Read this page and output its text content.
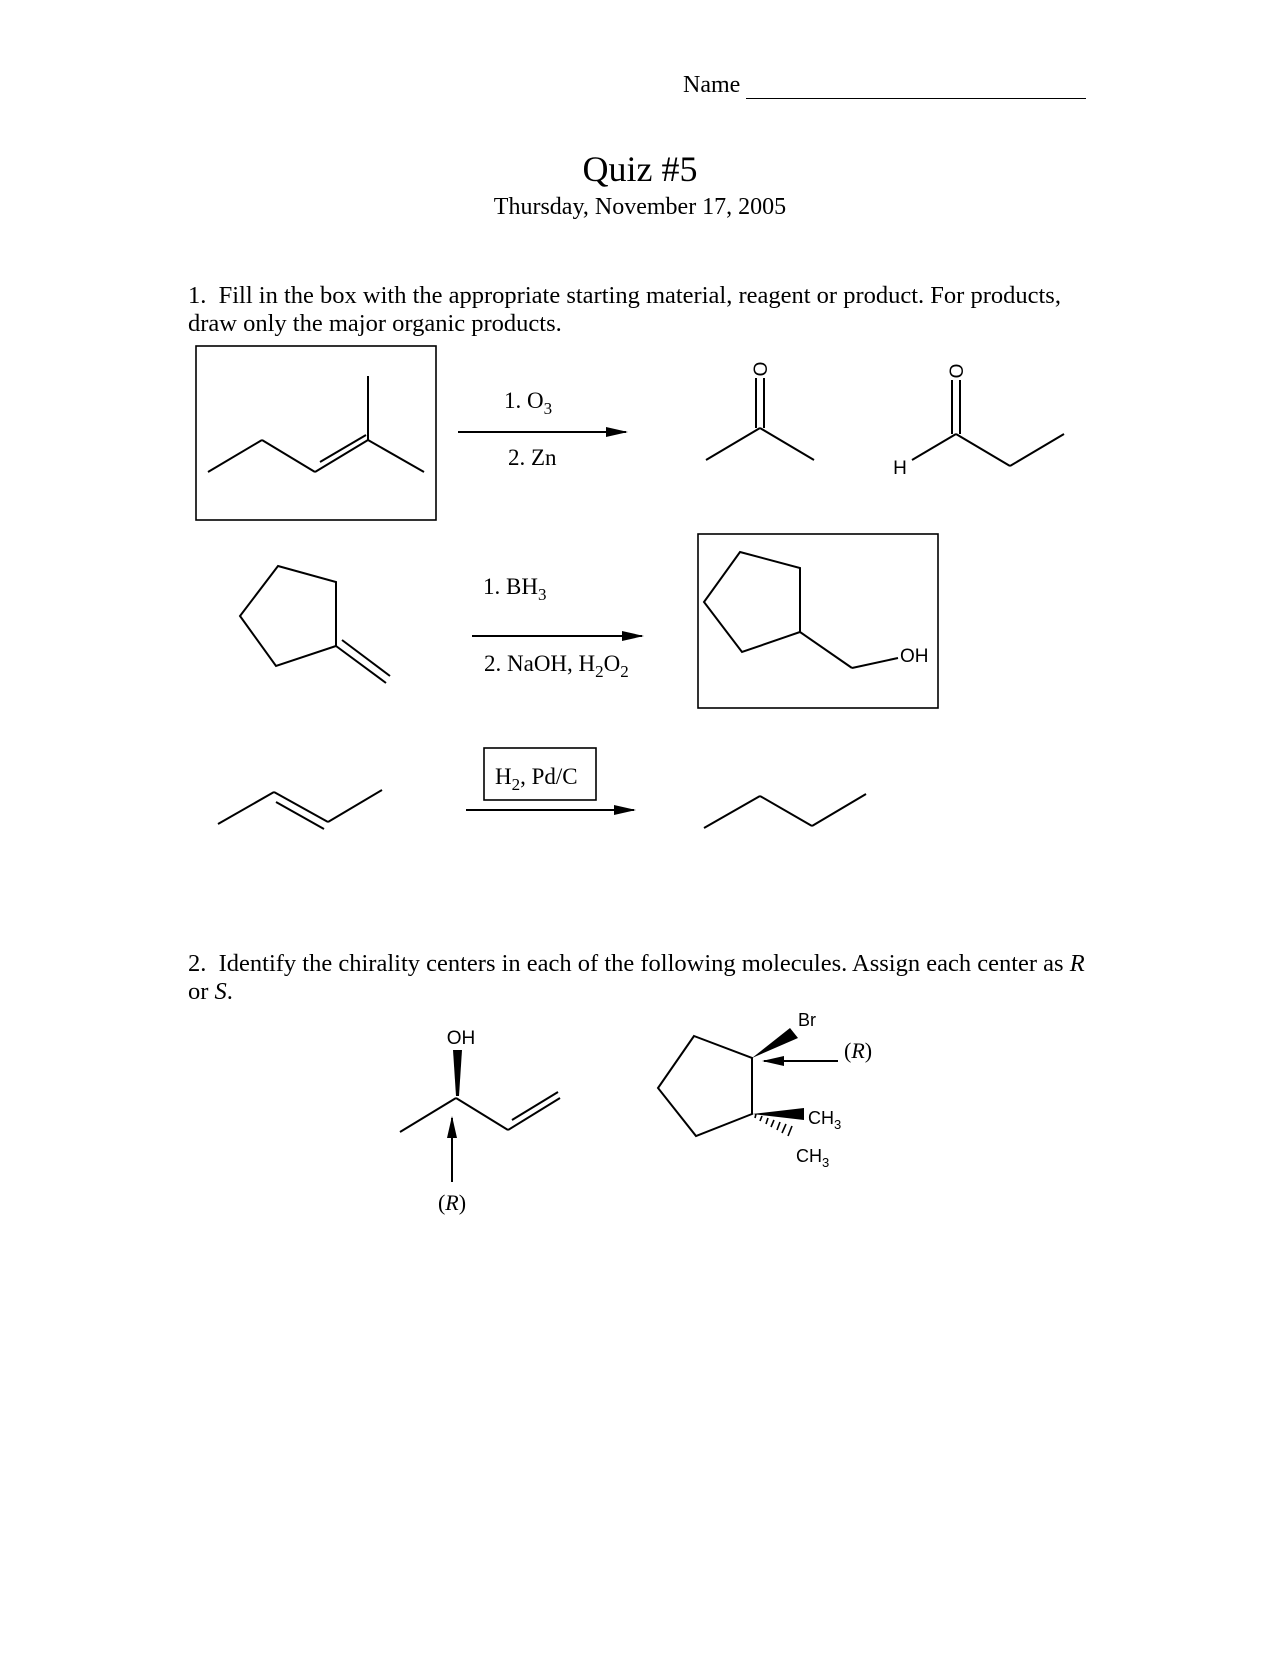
Name
Quiz #5
Thursday, November 17, 2005
1. Fill in the box with the appropriate starting material, reagent or product. For products, draw only the major organic products.
2. Identify the chirality centers in each of the following molecules. Assign each center as R or S.
1. $O_3$
2. Zn
O	O
H
1. $BH_3$
2. NaOH, $H_2O_2$
OH
$H_2$, Pd/C
OH
(R)
Br
(R)
$CH_3$
$CH_3$
